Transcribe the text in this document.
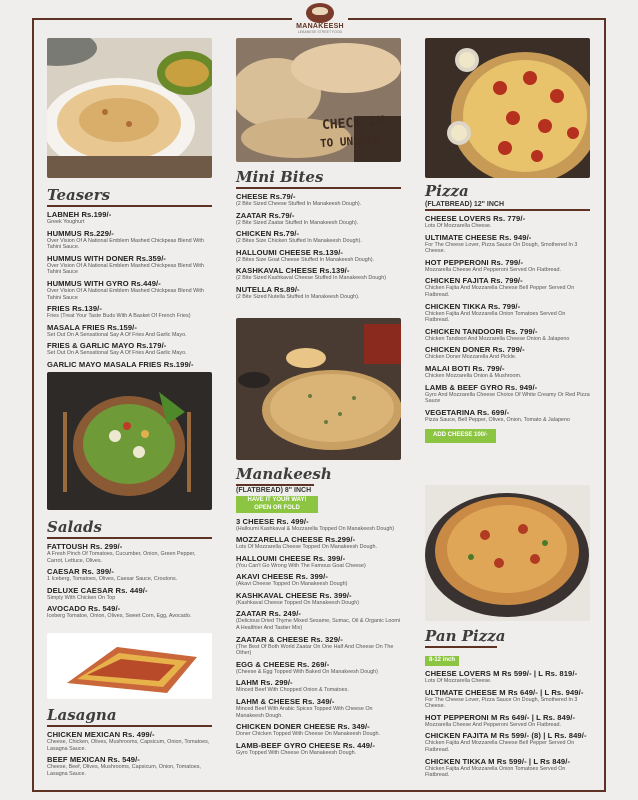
MANAKEESH
LEBANESE STREET FOOD
CHECK-IN
TO UNLOCK
Teasers
LABNEH Rs.199/-
Greek Youghurt
HUMMUS Rs.229/-
Over Vision Of A National Emblem Mashed Chickpeas Blend With Tahini Sauce.
HUMMUS WITH DONER Rs.359/-
Over Vision Of A National Emblem Mashed Chickpeas Blend With Tahini Sauce
HUMMUS WITH GYRO Rs.449/-
Over Vision Of A National Emblem Mashed Chickpeas Blend With Tahini Sauce
FRIES Rs.139/-
Fries (Treat Your Taste Buds With A Basket Of French Fries)
MASALA FRIES Rs.159/-
Set Out On A Sensational Say A Of Fries And Garlic Mayo.
FRIES & GARLIC MAYO Rs.179/-
Set Out On A Sensational Say A Of Fries And Garlic Mayo.
GARLIC MAYO MASALA FRIES Rs.199/-
Salads
FATTOUSH Rs. 299/-
A Fresh Pinch Of Tomatoes, Cucumber, Onion, Green Pepper, Carrot, Lettuce, Olives.
CAESAR Rs. 399/-
1 Iceberg, Tomatoes, Olives, Caesar Sauce, Croutons.
DELUXE CAESAR Rs. 449/-
Simply With Chicken On Top
AVOCADO Rs. 549/-
Iceberg Tomatoe, Onion, Olives, Sweet Corn, Egg, Avocado.
Lasagna
CHICKEN MEXICAN Rs. 499/-
Cheese, Chicken, Olives, Mushrooms, Capsicum, Onion, Tomatoes, Lasagna Sauce.
BEEF MEXICAN Rs. 549/-
Cheese, Beef, Olives, Mushrooms, Capsicum, Onion, Tomatoes, Lasagna Sauce.
Mini Bites
CHEESE Rs.79/-
(2 Bite Sized Cheese Stuffed In Manakeesh Dough).
ZAATAR Rs.79/-
(2 Bite Sized Zaatar Stuffed In Manakeesh Dough).
CHICKEN Rs.79/-
(2 Bites Size Chicken Stuffed In Manakeesh Dough).
HALLOUMI CHEESE Rs.139/-
(2 Bites Size Goat Cheese Stuffed In Manakeesh Dough).
KASHKAVAL CHEESE Rs.139/-
(2 Bite Sized Kashkaval Cheese Stuffed In Manakeesh Dough)
NUTELLA Rs.89/-
(2 Bite Sized Nutella Stuffed In Manakeesh Dough).
Manakeesh
(FLATBREAD) 8" INCH
HAVE IT YOUR WAY! OPEN OR FOLD
3 CHEESE Rs. 499/-
(Halloumi Kashkaval & Mozzarella Topped On Manakeesh Dough)
MOZZARELLA CHEESE Rs.299/-
Lots Of Mozzarella Cheese Topped On Manakeesh Dough.
HALLOUMI CHEESE Rs. 399/-
(You Can't Go Wrong With The Famous Goat Cheese)
AKAVI CHEESE Rs. 399/-
(Akavi Cheese Topped On Manakeesh Dough)
KASHKAVAL CHEESE Rs. 399/-
(Kashkaval Cheese Topped On Manakeesh Dough)
ZAATAR Rs. 249/-
(Delicious Dried Thyme Mixed Sesame, Sumac, Oil & Organic Loomi A Healthier And Tastier Mix)
ZAATAR & CHEESE Rs. 329/-
(The Best Of Both World Zaatar On One Half And Cheese On The Other)
EGG & CHEESE Rs. 269/-
(Cheese & Egg Topped With Baked On Manakeesh Dough)
LAHM Rs. 299/-
Minced Beef With Chopped Onion & Tomatoes.
LAHM & CHEESE Rs. 349/-
Minced Beef With Arabic Spices Topped With Cheese On Manakeesh Dough.
CHICKEN DONER CHEESE Rs. 349/-
Doner Chicken Topped With Cheese On Manakeesh Dough.
LAMB-BEEF GYRO CHEESE Rs. 449/-
Gyro Topped With Cheese On Manakeesh Dough.
Pizza
(FLATBREAD) 12" INCH
CHEESE LOVERS Rs. 779/-
Lots Of Mozzarella Cheese.
ULTIMATE CHEESE Rs. 949/-
For The Cheese Lover, Pizza Sauce On Dough, Smothered In 3 Cheese.
HOT PEPPERONI Rs. 799/-
Mozzarella Cheese And Pepperoni Served On Flatbread.
CHICKEN FAJITA Rs. 799/-
Chicken Fajita And Mozzarella Cheese Bell Pepper Served On Flatbread.
CHICKEN TIKKA Rs. 799/-
Chicken Fajita And Mozzarella Onion Tomatoes Served On Flatbread.
CHICKEN TANDOORI Rs. 799/-
Chicken Tandoori And Mozzarella Cheese Onion & Jalapeno
CHICKEN DONER Rs. 799/-
Chicken Doner Mozzarella And Pickle.
MALAI BOTI Rs. 799/-
Chicken Mozzarella Onion & Mushroom.
LAMB & BEEF GYRO Rs. 949/-
Gyro And Mozzarella Cheese Choice Of White Creamy Or Red Pizza Sauce
VEGETARINA Rs. 699/-
Pizza Sauce, Bell Pepper, Olives, Onion, Tomato & Jalapeno
ADD CHEESE 100/-
Pan Pizza
8-12 inch
CHEESE LOVERS M Rs 599/- | L Rs. 819/-
Lots Of Mozzarella Cheese.
ULTIMATE CHEESE M Rs 649/- | L Rs. 949/-
For The Cheese Lover, Pizza Sauce On Dough, Smothered In 3 Cheese.
HOT PEPPERONI M Rs 649/- | L Rs. 849/-
Mozzarella Cheese And Pepperoni Served On Flatbread.
CHICKEN FAJITA M Rs 599/- (8) | L Rs. 849/-
Chicken Fajita And Mozzarella Cheese Bell Pepper Served On Flatbread.
CHICKEN TIKKA M Rs 599/- | L Rs 849/-
Chicken Fajita And Mozzarella Onion Tomatoes Served On Flatbread.
